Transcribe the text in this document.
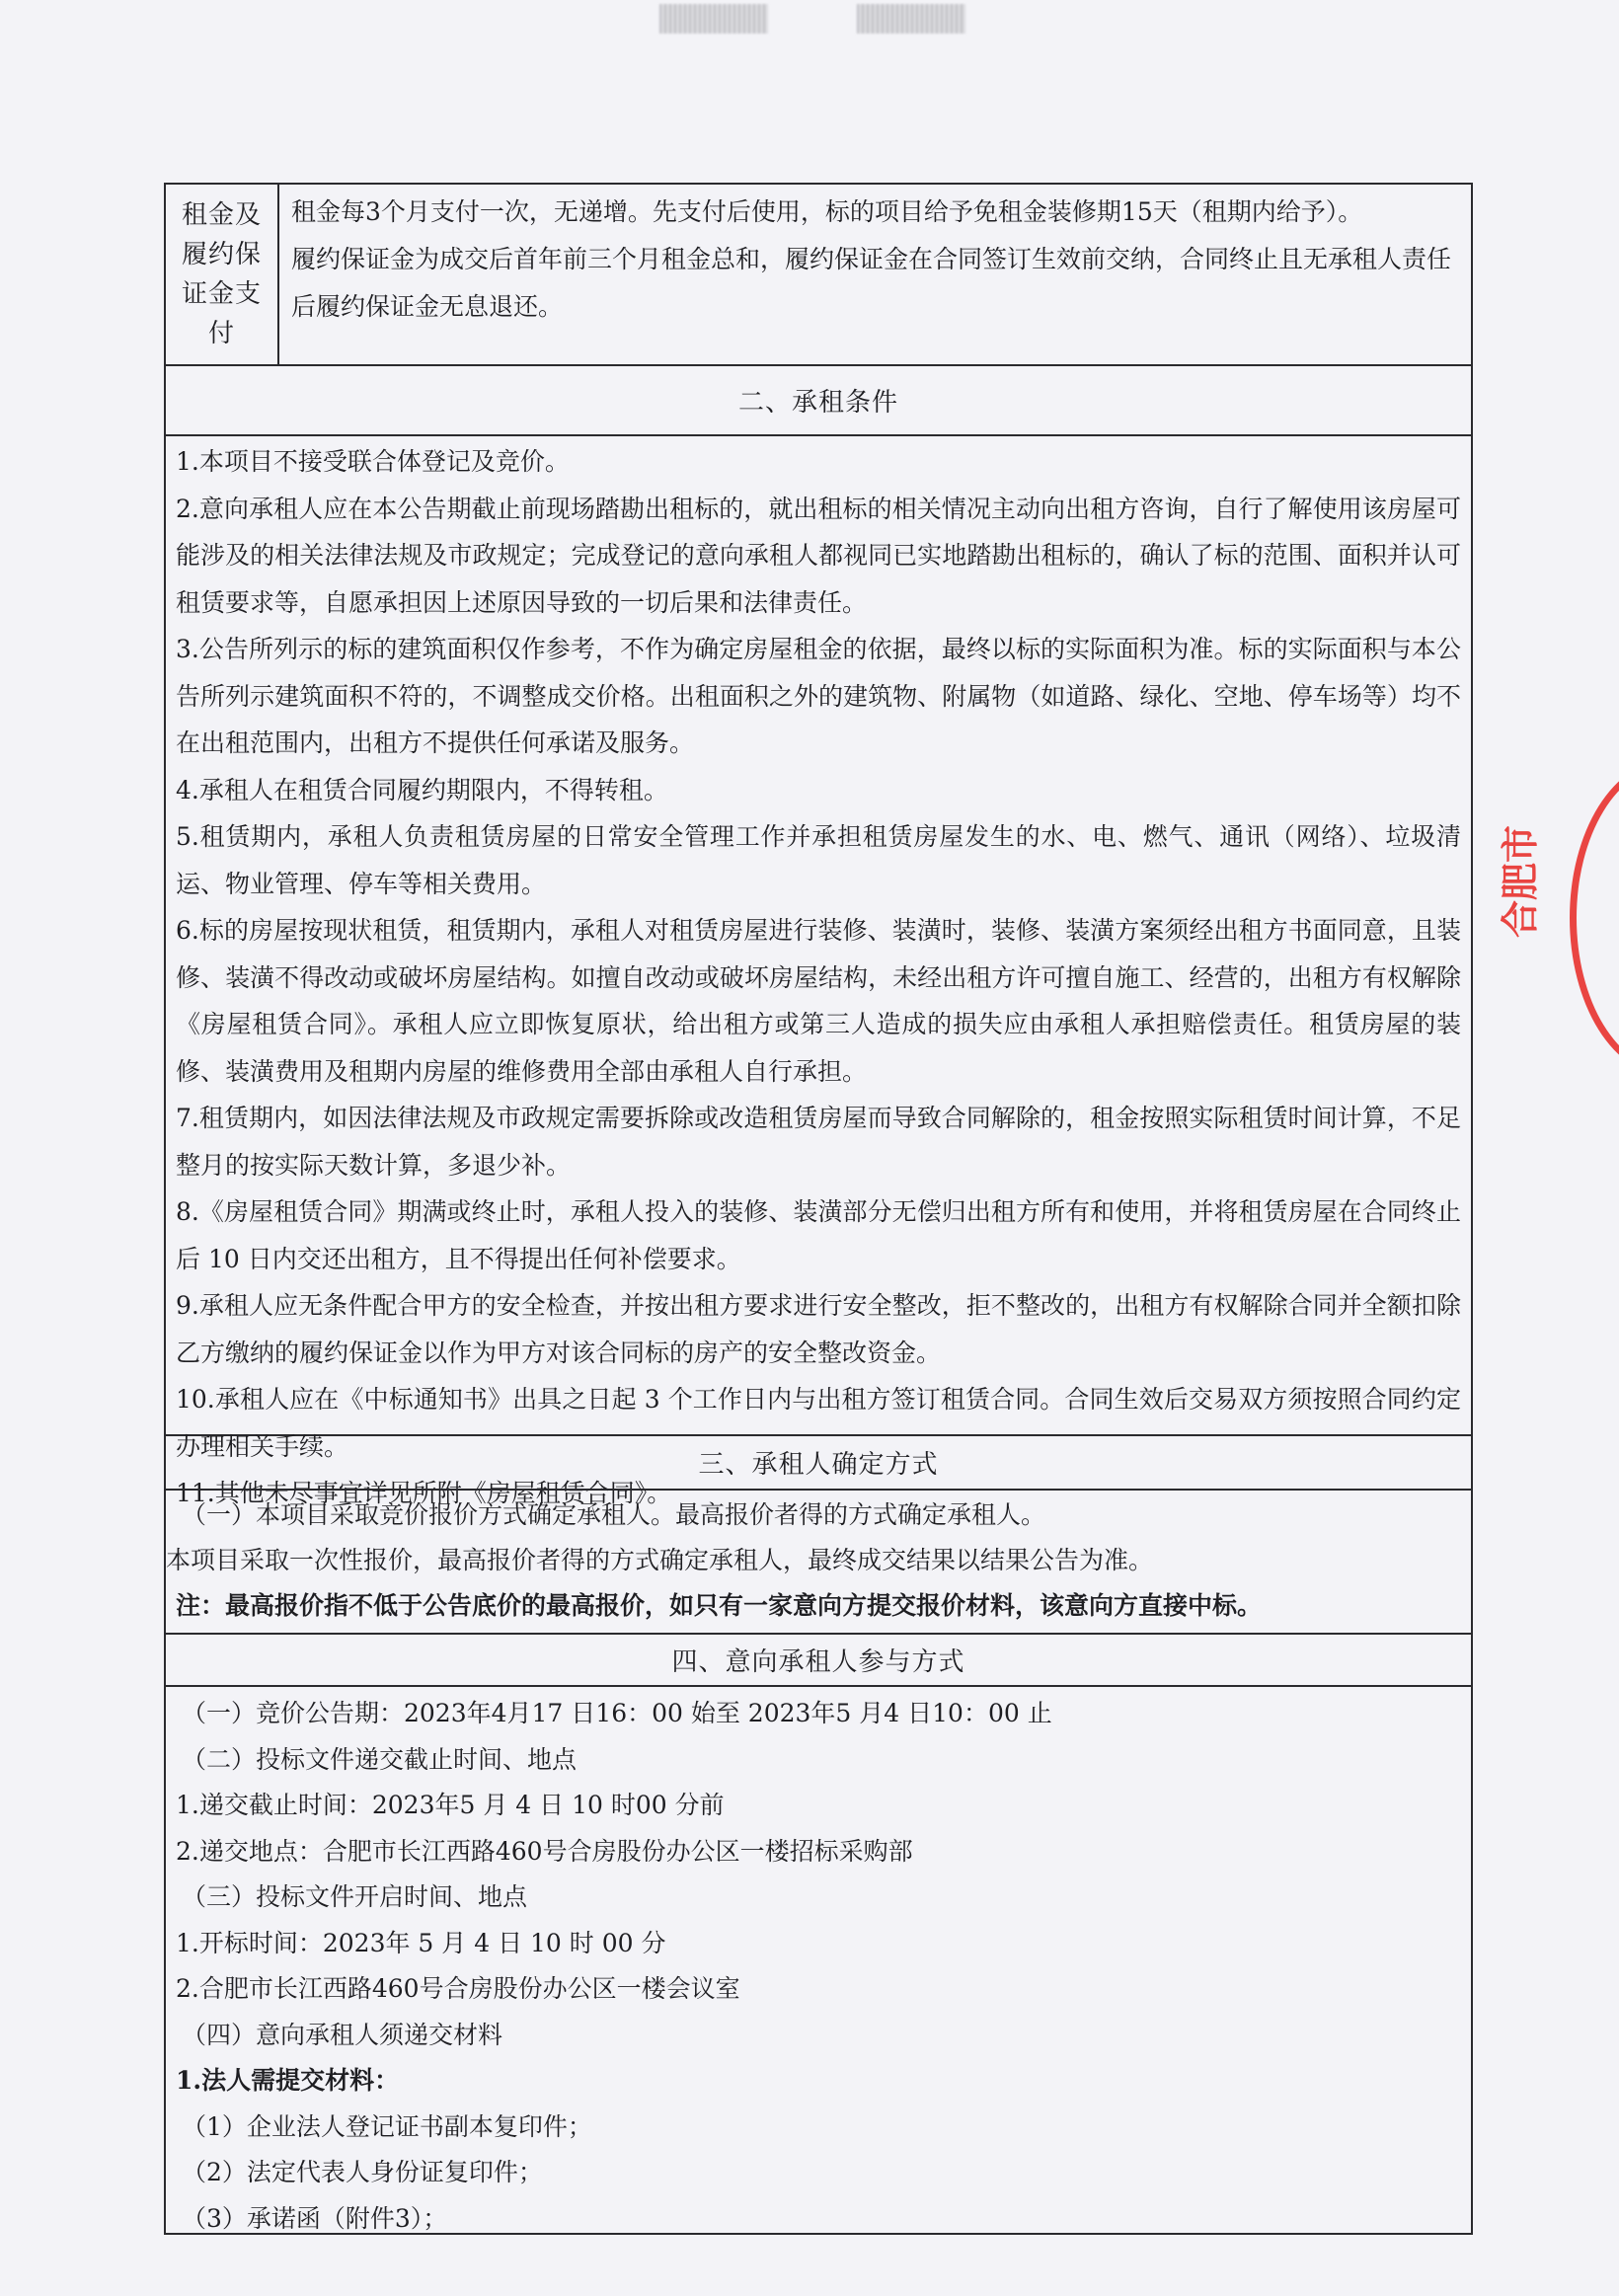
租金及
履约保
证金支
付

租金每3个月支付一次，无递增。先支付后使用，标的项目给予免租金装修期15天（租期内给予）。

履约保证金为成交后首年前三个月租金总和，履约保证金在合同签订生效前交纳，合同终止且无承租人责任后履约保证金无息退还。

二、承租条件

1.本项目不接受联合体登记及竞价。

2.意向承租人应在本公告期截止前现场踏勘出租标的，就出租标的相关情况主动向出租方咨询，自行了解使用该房屋可能涉及的相关法律法规及市政规定；完成登记的意向承租人都视同已实地踏勘出租标的，确认了标的范围、面积并认可租赁要求等，自愿承担因上述原因导致的一切后果和法律责任。

3.公告所列示的标的建筑面积仅作参考，不作为确定房屋租金的依据，最终以标的实际面积为准。标的实际面积与本公告所列示建筑面积不符的，不调整成交价格。出租面积之外的建筑物、附属物（如道路、绿化、空地、停车场等）均不在出租范围内，出租方不提供任何承诺及服务。

4.承租人在租赁合同履约期限内，不得转租。

5.租赁期内，承租人负责租赁房屋的日常安全管理工作并承担租赁房屋发生的水、电、燃气、通讯（网络）、垃圾清运、物业管理、停车等相关费用。

6.标的房屋按现状租赁，租赁期内，承租人对租赁房屋进行装修、装潢时，装修、装潢方案须经出租方书面同意，且装修、装潢不得改动或破坏房屋结构。如擅自改动或破坏房屋结构，未经出租方许可擅自施工、经营的，出租方有权解除《房屋租赁合同》。承租人应立即恢复原状，给出租方或第三人造成的损失应由承租人承担赔偿责任。租赁房屋的装修、装潢费用及租期内房屋的维修费用全部由承租人自行承担。

7.租赁期内，如因法律法规及市政规定需要拆除或改造租赁房屋而导致合同解除的，租金按照实际租赁时间计算，不足整月的按实际天数计算，多退少补。

8.《房屋租赁合同》期满或终止时，承租人投入的装修、装潢部分无偿归出租方所有和使用，并将租赁房屋在合同终止后 10 日内交还出租方，且不得提出任何补偿要求。

9.承租人应无条件配合甲方的安全检查，并按出租方要求进行安全整改，拒不整改的，出租方有权解除合同并全额扣除乙方缴纳的履约保证金以作为甲方对该合同标的房产的安全整改资金。

10.承租人应在《中标通知书》出具之日起 3 个工作日内与出租方签订租赁合同。合同生效后交易双方须按照合同约定办理相关手续。

11.其他未尽事宜详见所附《房屋租赁合同》。

三、承租人确定方式

（一）本项目采取竞价报价方式确定承租人。最高报价者得的方式确定承租人。

本项目采取一次性报价，最高报价者得的方式确定承租人，最终成交结果以结果公告为准。

注：最高报价指不低于公告底价的最高报价，如只有一家意向方提交报价材料，该意向方直接中标。

四、意向承租人参与方式

（一）竞价公告期：2023年4月17 日16：00 始至 2023年5 月4 日10：00 止

（二）投标文件递交截止时间、地点

1.递交截止时间：2023年5 月 4 日 10 时00 分前

2.递交地点：合肥市长江西路460号合房股份办公区一楼招标采购部

（三）投标文件开启时间、地点

1.开标时间：2023年 5 月 4 日 10 时 00 分

2.合肥市长江西路460号合房股份办公区一楼会议室

（四）意向承租人须递交材料

1.法人需提交材料：

（1）企业法人登记证书副本复印件；

（2）法定代表人身份证复印件；

（3）承诺函（附件3）；

合肥市
